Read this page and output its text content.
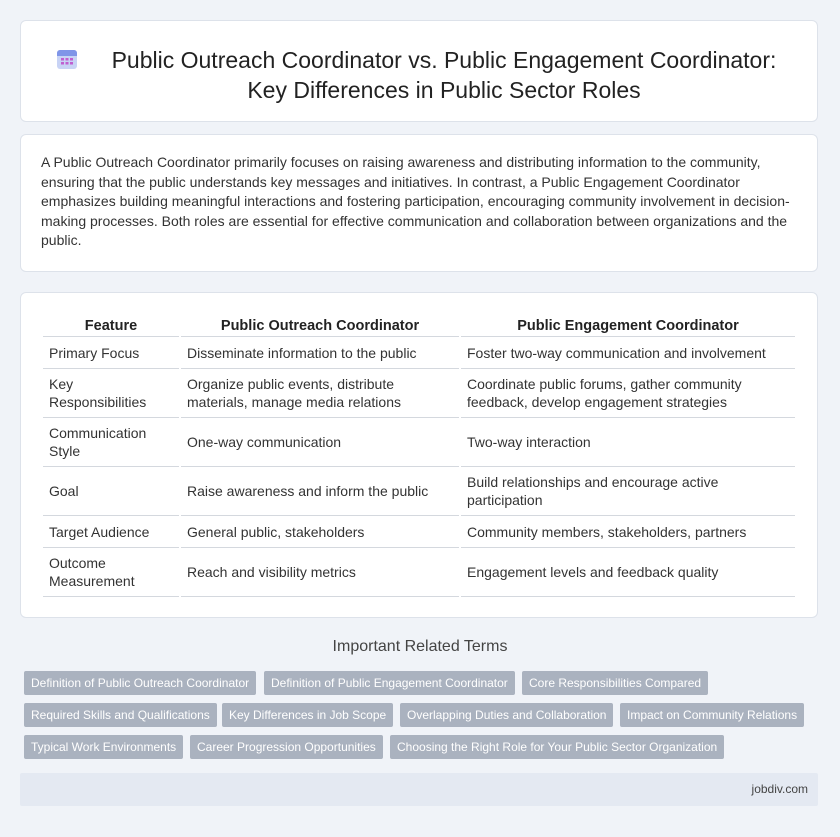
Public Outreach Coordinator vs. Public Engagement Coordinator: Key Differences in Public Sector Roles

A Public Outreach Coordinator primarily focuses on raising awareness and distributing information to the community, ensuring that the public understands key messages and initiatives. In contrast, a Public Engagement Coordinator emphasizes building meaningful interactions and fostering participation, encouraging community involvement in decision-making processes. Both roles are essential for effective communication and collaboration between organizations and the public.

Feature	Public Outreach Coordinator	Public Engagement Coordinator
Primary Focus	Disseminate information to the public	Foster two-way communication and involvement
Key Responsibilities	Organize public events, distribute materials, manage media relations	Coordinate public forums, gather community feedback, develop engagement strategies
Communication Style	One-way communication	Two-way interaction
Goal	Raise awareness and inform the public	Build relationships and encourage active participation
Target Audience	General public, stakeholders	Community members, stakeholders, partners
Outcome Measurement	Reach and visibility metrics	Engagement levels and feedback quality
Important Related Terms
Definition of Public Outreach Coordinator	Definition of Public Engagement Coordinator	Core Responsibilities Compared
Required Skills and Qualifications	Key Differences in Job Scope	Overlapping Duties and Collaboration	Impact on Community Relations
Typical Work Environments	Career Progression Opportunities	Choosing the Right Role for Your Public Sector Organization
jobdiv.com
